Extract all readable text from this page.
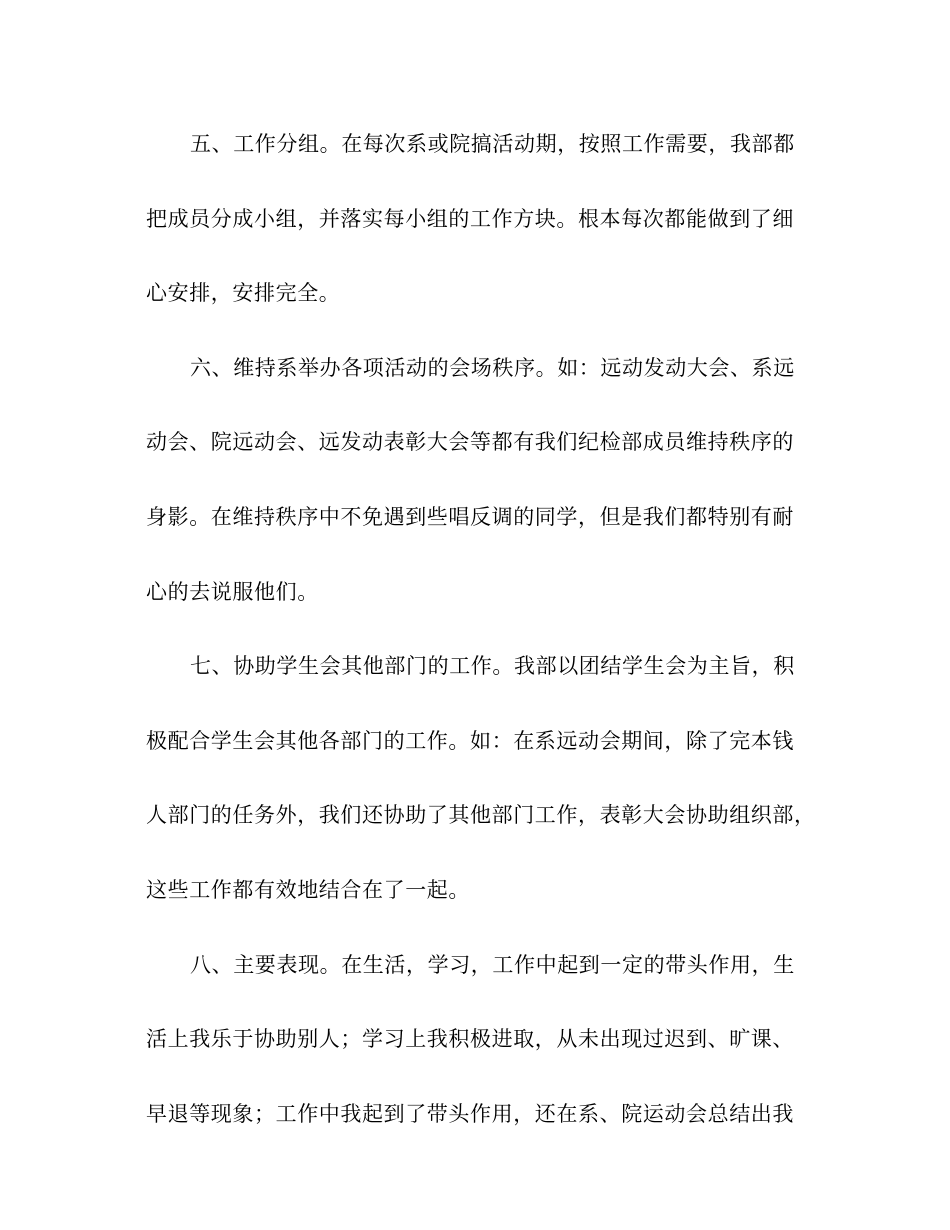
五、工作分组。在每次系或院搞活动期，按照工作需要，我部都
把成员分成小组，并落实每小组的工作方块。根本每次都能做到了细
心安排，安排完全。
六、维持系举办各项活动的会场秩序。如：远动发动大会、系远
动会、院远动会、远发动表彰大会等都有我们纪检部成员维持秩序的
身影。在维持秩序中不免遇到些唱反调的同学，但是我们都特别有耐
心的去说服他们。
七、协助学生会其他部门的工作。我部以团结学生会为主旨，积
极配合学生会其他各部门的工作。如：在系远动会期间，除了完本钱
人部门的任务外，我们还协助了其他部门工作，表彰大会协助组织部，
这些工作都有效地结合在了一起。
八、主要表现。在生活，学习，工作中起到一定的带头作用，生
活上我乐于协助别人；学习上我积极进取，从未出现过迟到、旷课、
早退等现象；工作中我起到了带头作用，还在系、院运动会总结出我
